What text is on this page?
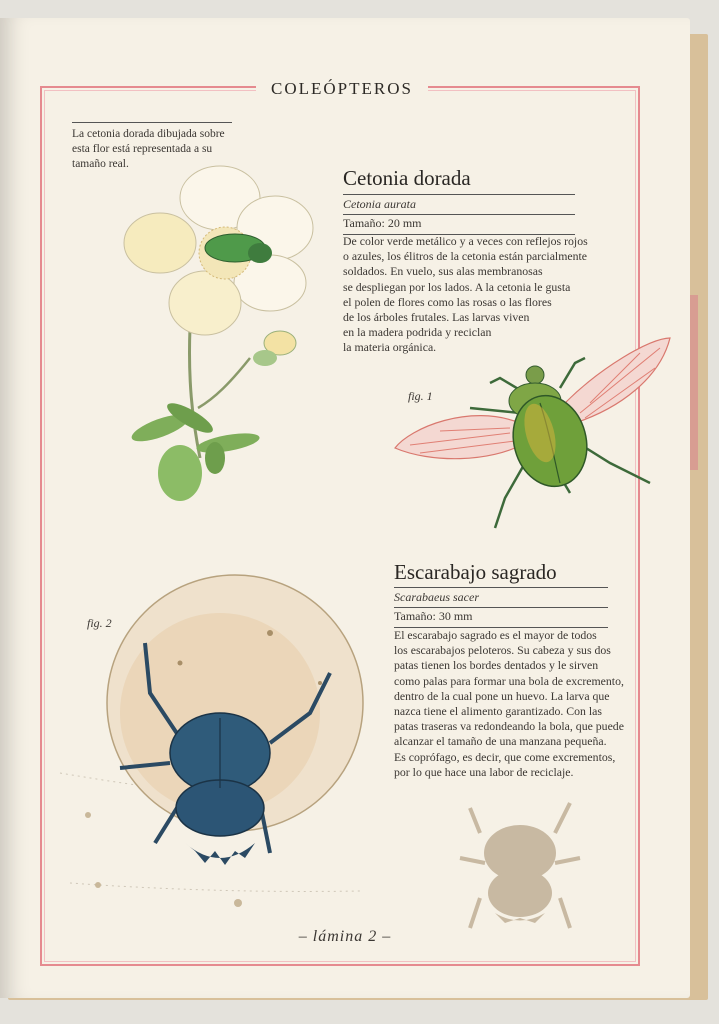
COLEÓPTEROS
La cetonia dorada dibujada sobre esta flor está representada a su tamaño real.
Cetonia dorada
Cetonia aurata
Tamaño: 20 mm

De color verde metálico y a veces con reflejos rojos
o azules, los élitros de la cetonia están parcialmente
soldados. En vuelo, sus alas membranosas
se despliegan por los lados. A la cetonia le gusta
el polen de flores como las rosas o las flores
de los árboles frutales. Las larvas viven
en la madera podrida y reciclan
la materia orgánica.

fig. 1
Escarabajo sagrado
Scarabaeus sacer
Tamaño: 30 mm

El escarabajo sagrado es el mayor de todos
los escarabajos peloteros. Su cabeza y sus dos
patas tienen los bordes dentados y le sirven
como palas para formar una bola de excremento,
dentro de la cual pone un huevo. La larva que
nazca tiene el alimento garantizado. Con las
patas traseras va redondeando la bola, que puede
alcanzar el tamaño de una manzana pequeña.
Es coprófago, es decir, que come excrementos,
por lo que hace una labor de reciclaje.

fig. 2
– lámina 2 –
